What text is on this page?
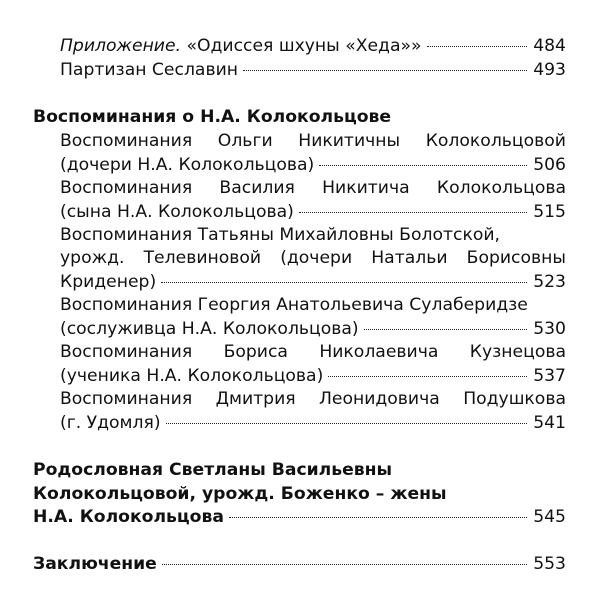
Приложение. «Одиссея шхуны «Хеда»»	484
Партизан Сеславин	493
Воспоминания о Н.А. Колокольцове
Воспоминания Ольги Никитичны Колокольцовой
(дочери Н.А. Колокольцова)	506
Воспоминания Василия Никитича Колокольцова
(сына Н.А. Колокольцова)	515
Воспоминания Татьяны Михайловны Болотской,
урожд. Телевиновой (дочери Натальи Борисовны
Криденер)	523
Воспоминания Георгия Анатольевича Сулаберидзе
(сослуживца Н.А. Колокольцова)	530
Воспоминания Бориса Николаевича Кузнецова
(ученика Н.А. Колокольцова)	537
Воспоминания Дмитрия Леонидовича Подушкова
(г. Удомля)	541
Родословная Светланы Васильевны
Колокольцовой, урожд. Боженко – жены
Н.А. Колокольцова	545
Заключение	553
